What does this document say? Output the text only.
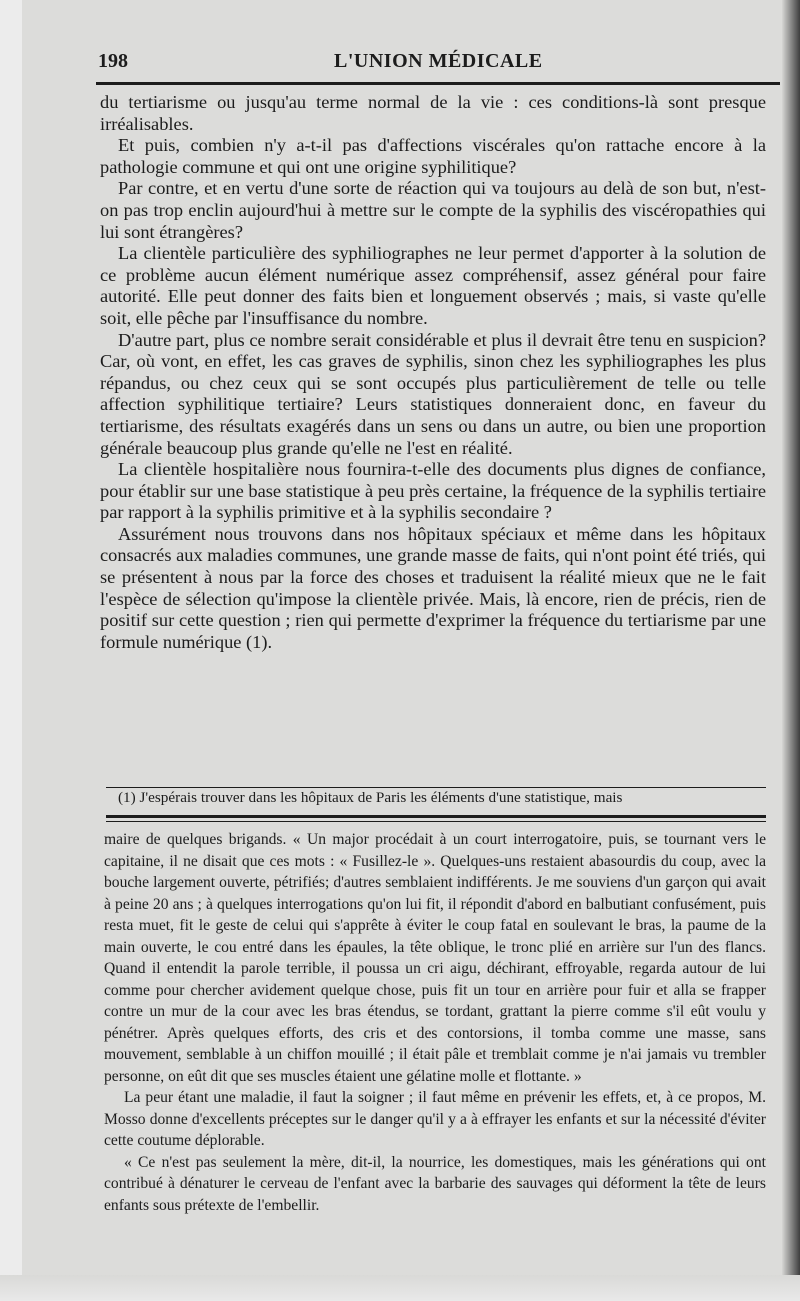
198	L'UNION MÉDICALE

du tertiarisme ou jusqu'au terme normal de la vie : ces conditions-là sont presque irréalisables.

Et puis, combien n'y a-t-il pas d'affections viscérales qu'on rattache encore à la pathologie commune et qui ont une origine syphilitique?

Par contre, et en vertu d'une sorte de réaction qui va toujours au delà de son but, n'est-on pas trop enclin aujourd'hui à mettre sur le compte de la syphilis des viscéropathies qui lui sont étrangères?

La clientèle particulière des syphiliographes ne leur permet d'apporter à la solution de ce problème aucun élément numérique assez compréhensif, assez général pour faire autorité. Elle peut donner des faits bien et longuement observés ; mais, si vaste qu'elle soit, elle pêche par l'insuffisance du nombre.

D'autre part, plus ce nombre serait considérable et plus il devrait être tenu en suspicion? Car, où vont, en effet, les cas graves de syphilis, sinon chez les syphiliographes les plus répandus, ou chez ceux qui se sont occupés plus particulièrement de telle ou telle affection syphilitique tertiaire? Leurs statistiques donneraient donc, en faveur du tertiarisme, des résultats exagérés dans un sens ou dans un autre, ou bien une proportion générale beaucoup plus grande qu'elle ne l'est en réalité.

La clientèle hospitalière nous fournira-t-elle des documents plus dignes de confiance, pour établir sur une base statistique à peu près certaine, la fréquence de la syphilis tertiaire par rapport à la syphilis primitive et à la syphilis secondaire ?

Assurément nous trouvons dans nos hôpitaux spéciaux et même dans les hôpitaux consacrés aux maladies communes, une grande masse de faits, qui n'ont point été triés, qui se présentent à nous par la force des choses et traduisent la réalité mieux que ne le fait l'espèce de sélection qu'impose la clientèle privée. Mais, là encore, rien de précis, rien de positif sur cette question ; rien qui permette d'exprimer la fréquence du tertiarisme par une formule numérique (1).

(1) J'espérais trouver dans les hôpitaux de Paris les éléments d'une statistique, mais

maire de quelques brigands. « Un major procédait à un court interrogatoire, puis, se tournant vers le capitaine, il ne disait que ces mots : « Fusillez-le ». Quelques-uns restaient abasourdis du coup, avec la bouche largement ouverte, pétrifiés; d'autres semblaient indifférents. Je me souviens d'un garçon qui avait à peine 20 ans ; à quelques interrogations qu'on lui fit, il répondit d'abord en balbutiant confusément, puis resta muet, fit le geste de celui qui s'apprête à éviter le coup fatal en soulevant le bras, la paume de la main ouverte, le cou entré dans les épaules, la tête oblique, le tronc plié en arrière sur l'un des flancs. Quand il entendit la parole terrible, il poussa un cri aigu, déchirant, effroyable, regarda autour de lui comme pour chercher avidement quelque chose, puis fit un tour en arrière pour fuir et alla se frapper contre un mur de la cour avec les bras étendus, se tordant, grattant la pierre comme s'il eût voulu y pénétrer. Après quelques efforts, des cris et des contorsions, il tomba comme une masse, sans mouvement, semblable à un chiffon mouillé ; il était pâle et tremblait comme je n'ai jamais vu trembler personne, on eût dit que ses muscles étaient une gélatine molle et flottante. »

La peur étant une maladie, il faut la soigner ; il faut même en prévenir les effets, et, à ce propos, M. Mosso donne d'excellents préceptes sur le danger qu'il y a à effrayer les enfants et sur la nécessité d'éviter cette coutume déplorable.

« Ce n'est pas seulement la mère, dit-il, la nourrice, les domestiques, mais les générations qui ont contribué à dénaturer le cerveau de l'enfant avec la barbarie des sauvages qui déforment la tête de leurs enfants sous prétexte de l'embellir.
